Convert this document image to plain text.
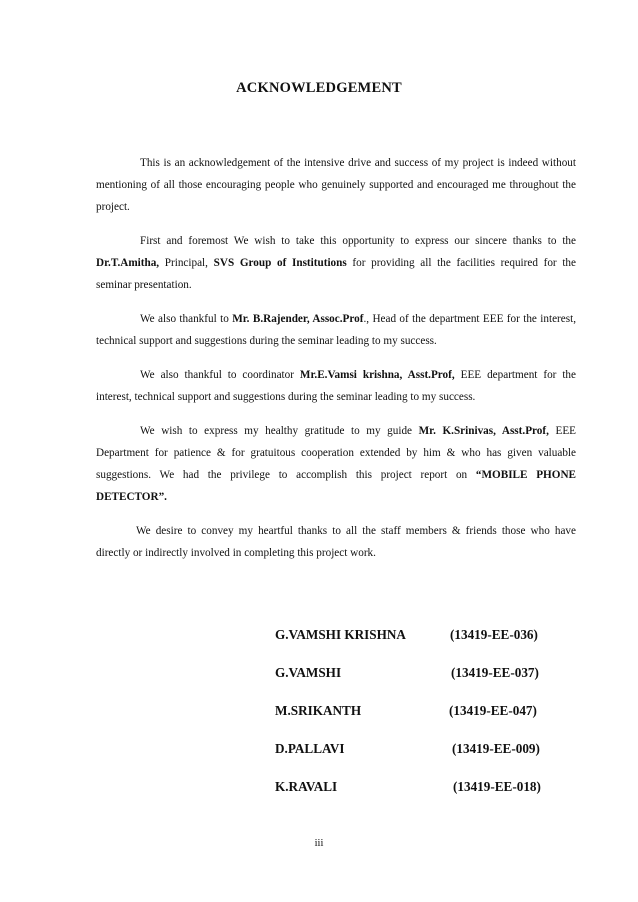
ACKNOWLEDGEMENT

This is an acknowledgement of the intensive drive and success of my project is indeed without mentioning of all those encouraging people who genuinely supported and encouraged me throughout the project.

First and foremost We wish to take this opportunity to express our sincere thanks to the Dr.T.Amitha, Principal, SVS Group of Institutions for providing all the facilities required for the seminar presentation.

We also thankful to Mr. B.Rajender, Assoc.Prof., Head of the department EEE for the interest, technical support and suggestions during the seminar leading to my success.

We also thankful to coordinator Mr.E.Vamsi krishna, Asst.Prof, EEE department for the interest, technical support and suggestions during the seminar leading to my success.

We wish to express my healthy gratitude to my guide Mr. K.Srinivas, Asst.Prof, EEE Department for patience & for gratuitous cooperation extended by him & who has given valuable suggestions. We had the privilege to accomplish this project report on “MOBILE PHONE DETECTOR”.

We desire to convey my heartful thanks to all the staff members & friends those who have directly or indirectly involved in completing this project work.

G.VAMSHI KRISHNA	(13419-EE-036)
G.VAMSHI	(13419-EE-037)
M.SRIKANTH	(13419-EE-047)
D.PALLAVI	(13419-EE-009)
K.RAVALI	(13419-EE-018)
iii
